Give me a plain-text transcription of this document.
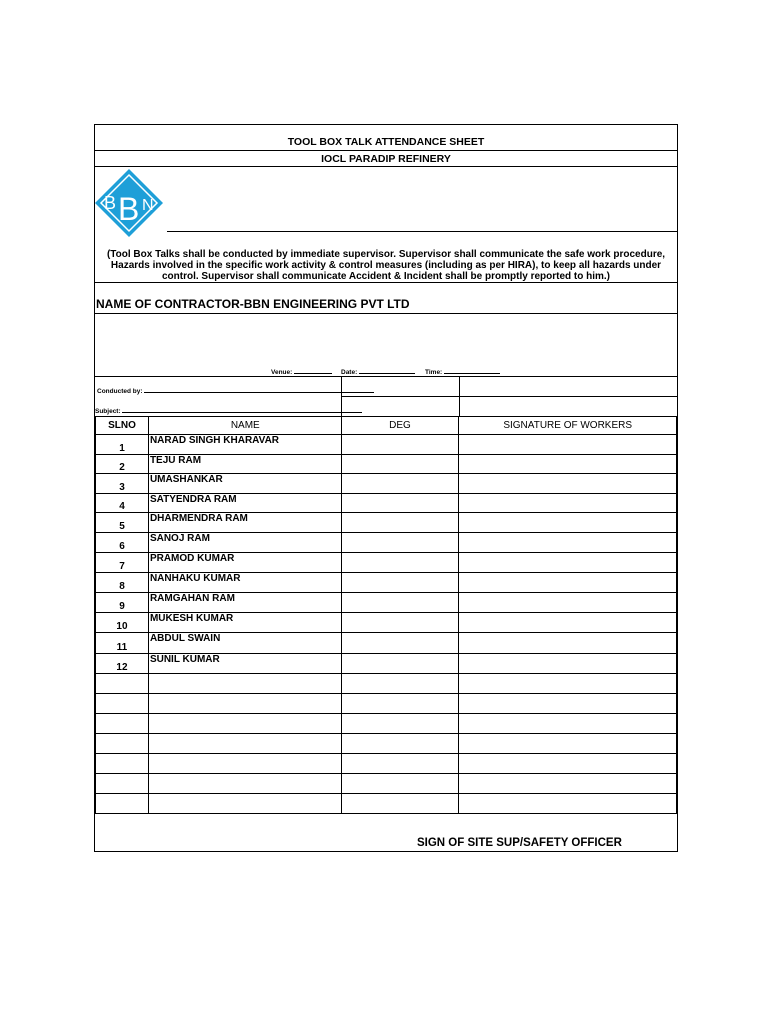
TOOL BOX TALK ATTENDANCE SHEET
IOCL PARADIP REFINERY
B B N
(Tool Box Talks shall be conducted by immediate supervisor. Supervisor shall communicate the safe work procedure, Hazards involved in the specific work activity & control measures (including as per HIRA), to keep all hazards under control. Supervisor shall communicate Accident & Incident shall be promptly reported to him.)
NAME OF CONTRACTOR-BBN ENGINEERING PVT LTD
Venue:	Date:	Time:
Conducted by:
Subject:
SLNO	NAME	DEG	SIGNATURE OF WORKERS
1	NARAD SINGH KHARAVAR		
2	TEJU RAM		
3	UMASHANKAR		
4	SATYENDRA RAM		
5	DHARMENDRA RAM		
6	SANOJ RAM		
7	PRAMOD KUMAR		
8	NANHAKU KUMAR		
9	RAMGAHAN RAM		
10	MUKESH KUMAR		
11	ABDUL SWAIN		
12	SUNIL KUMAR		

SIGN OF SITE SUP/SAFETY OFFICER
